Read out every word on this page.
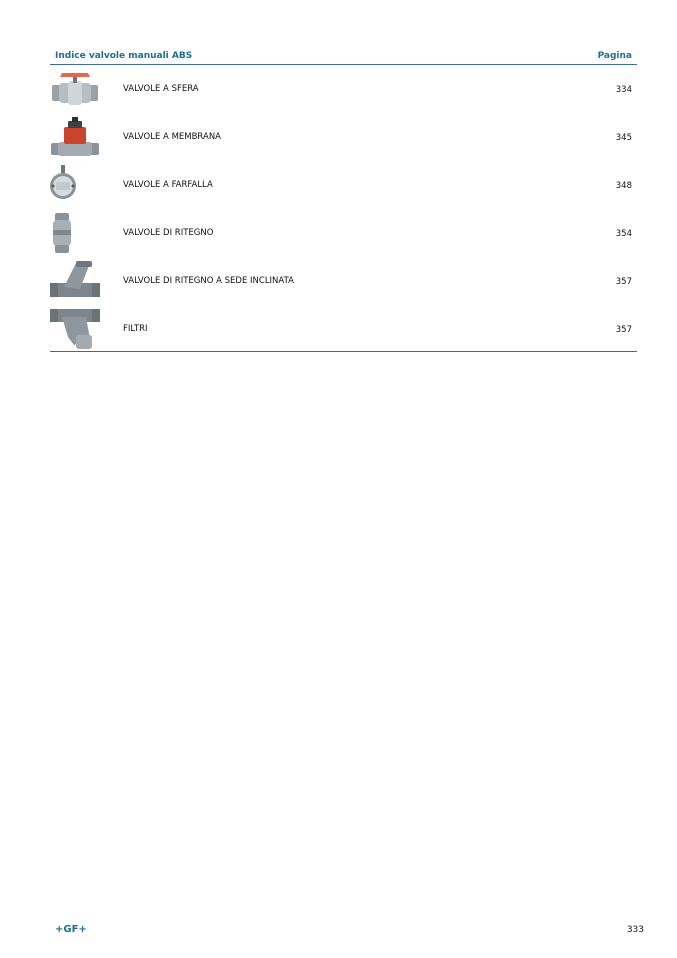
Indice valvole manuali ABS	Pagina
VALVOLE A SFERA	334
VALVOLE A MEMBRANA	345
VALVOLE A FARFALLA	348
VALVOLE DI RITEGNO	354
VALVOLE DI RITEGNO A SEDE INCLINATA	357
FILTRI	357
+GF+	333
